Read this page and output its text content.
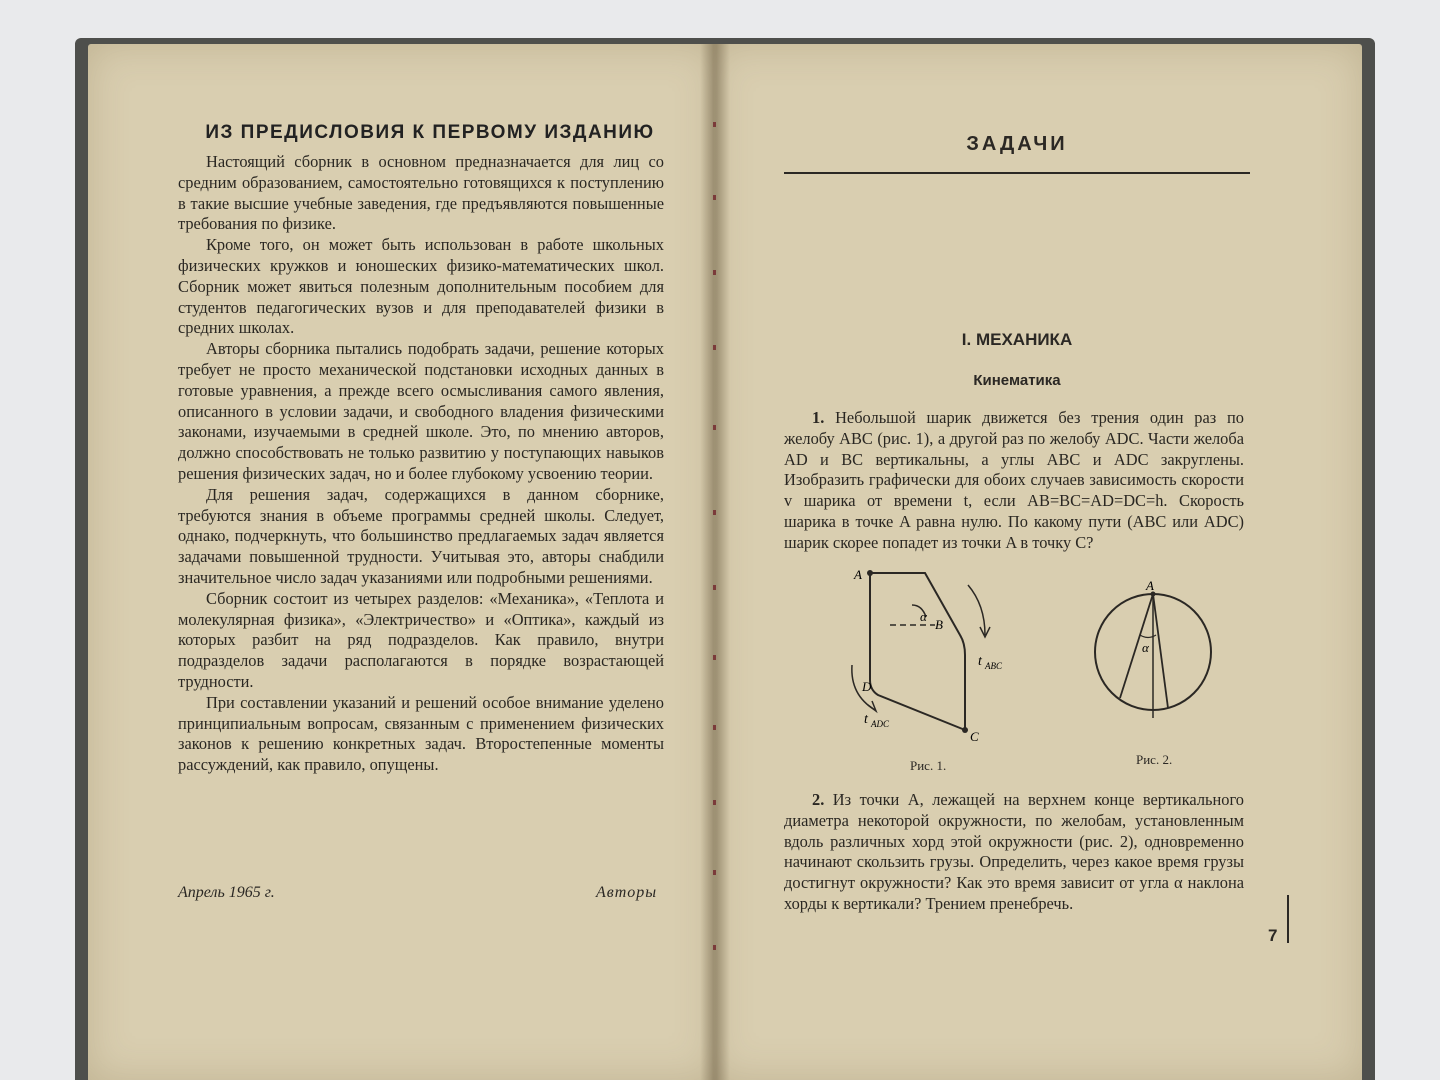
ИЗ ПРЕДИСЛОВИЯ К ПЕРВОМУ ИЗДАНИЮ

Настоящий сборник в основном предназначается для лиц со средним образованием, самостоятельно готовящихся к поступлению в такие высшие учебные заведения, где предъявляются повышенные требования по физике.

Кроме того, он может быть использован в работе школьных физических кружков и юношеских физико-математических школ. Сборник может явиться полезным дополнительным пособием для студентов педагогических вузов и для преподавателей физики в средних школах.

Авторы сборника пытались подобрать задачи, решение которых требует не просто механической подстановки исходных данных в готовые уравнения, а прежде всего осмысливания самого явления, описанного в условии задачи, и свободного владения физическими законами, изучаемыми в средней школе. Это, по мнению авторов, должно способствовать не только развитию у поступающих навыков решения физических задач, но и более глубокому усвоению теории.

Для решения задач, содержащихся в данном сборнике, требуются знания в объеме программы средней школы. Следует, однако, подчеркнуть, что большинство предлагаемых задач является задачами повышенной трудности. Учитывая это, авторы снабдили значительное число задач указаниями или подробными решениями.

Сборник состоит из четырех разделов: «Механика», «Теплота и молекулярная физика», «Электричество» и «Оптика», каждый из которых разбит на ряд подразделов. Как правило, внутри подразделов задачи располагаются в порядке возрастающей трудности.

При составлении указаний и решений особое внимание уделено принципиальным вопросам, связанным с применением физических законов к решению конкретных задач. Второстепенные моменты рассуждений, как правило, опущены.

Апрель 1965 г.	Авторы
ЗАДАЧИ
I. МЕХАНИКА
Кинематика

1. Небольшой шарик движется без трения один раз по желобу ABC (рис. 1), а другой раз по желобу ADC. Части желоба AD и BC вертикальны, а углы ABC и ADC закруглены. Изобразить графически для обоих случаев зависимость скорости v шарика от времени t, если AB=BC=AD=DC=h. Скорость шарика в точке A равна нулю. По какому пути (ABC или ADC) шарик скорее попадет из точки A в точку C?

A
B
C
D
α
t ABC
t ADC
Рис. 1.
A
α
Рис. 2.

2. Из точки A, лежащей на верхнем конце вертикального диаметра некоторой окружности, по желобам, установленным вдоль различных хорд этой окружности (рис. 2), одновременно начинают скользить грузы. Определить, через какое время грузы достигнут окружности? Как это время зависит от угла α наклона хорды к вертикали? Трением пренебречь.

7
